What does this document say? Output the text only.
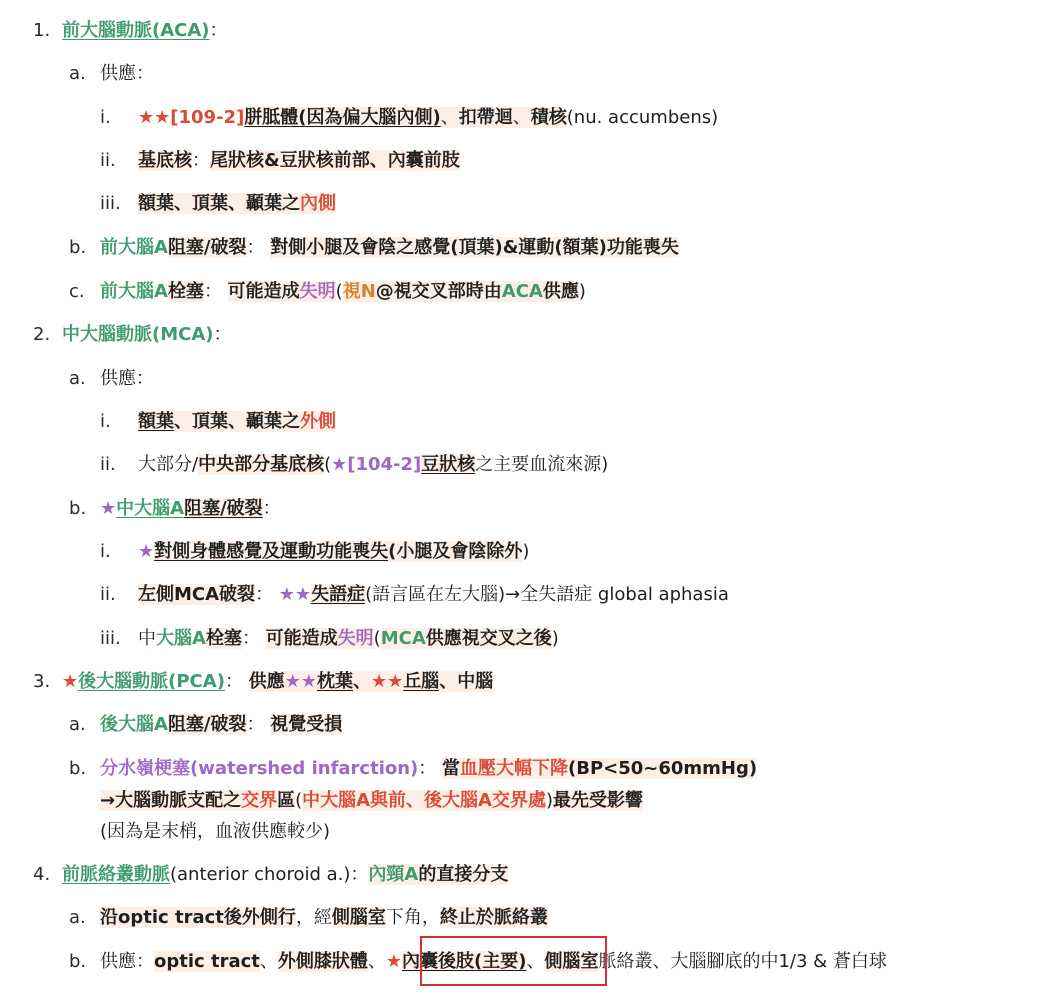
1. 前大腦動脈(ACA)：
a. 供應：
i. ★★[109-2]胼胝體(因為偏大腦內側)、扣帶迴、積核(nu. accumbens)
ii. 基底核：尾狀核&豆狀核前部、內囊前肢
iii. 額葉、頂葉、顳葉之內側
b. 前大腦A阻塞/破裂： 對側小腿及會陰之感覺(頂葉)&運動(額葉)功能喪失
c. 前大腦A栓塞： 可能造成失明(視N@視交叉部時由ACA供應)
2. 中大腦動脈(MCA)：
a. 供應：
i. 額葉、頂葉、顳葉之外側
ii. 大部分/中央部分基底核(★[104-2]豆狀核之主要血流來源)
b. ★中大腦A阻塞/破裂：
i. ★對側身體感覺及運動功能喪失(小腿及會陰除外)
ii. 左側MCA破裂： ★★失語症(語言區在左大腦)→全失語症 global aphasia
iii. 中大腦A栓塞： 可能造成失明(MCA供應視交叉之後)
3. ★後大腦動脈(PCA)： 供應★★枕葉、★★丘腦、中腦
a. 後大腦A阻塞/破裂： 視覺受損
b. 分水嶺梗塞(watershed infarction)： 當血壓大幅下降(BP<50~60mmHg)
→大腦動脈支配之交界區(中大腦A與前、後大腦A交界處)最先受影響
(因為是末梢，血液供應較少)
4. 前脈絡叢動脈(anterior choroid a.)：內頸A的直接分支
a. 沿optic tract後外側行，經側腦室下角，終止於脈絡叢
b. 供應：optic tract、外側膝狀體、★內囊後肢(主要)、側腦室脈絡叢、大腦腳底的中1/3 & 蒼白球
